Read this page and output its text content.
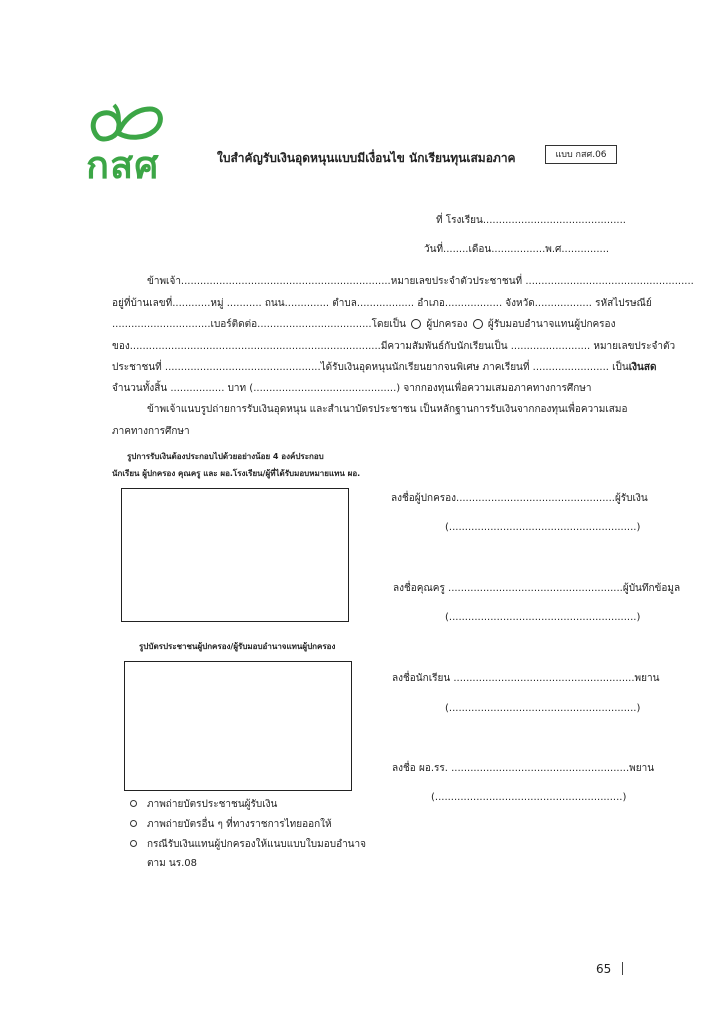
กสศ	ใบสำคัญรับเงินอุดหนุนแบบมีเงื่อนไข นักเรียนทุนเสมอภาค	แบบ กสศ.06
ที่ โรงเรียน.............................................
วันที่........เดือน.................พ.ศ...............
ข้าพเจ้า..................................................................หมายเลขประจำตัวประชาชนที่ .....................................................
อยู่ที่บ้านเลขที่............หมู่ ........... ถนน.............. ตำบล.................. อำเภอ.................. จังหวัด.................. รหัสไปรษณีย์
...............................เบอร์ติดต่อ....................................โดยเป็น ผู้ปกครอง ผู้รับมอบอำนาจแทนผู้ปกครอง
ของ...............................................................................มีความสัมพันธ์กับนักเรียนเป็น ......................... หมายเลขประจำตัว
ประชาชนที่ .................................................ได้รับเงินอุดหนุนนักเรียนยากจนพิเศษ ภาคเรียนที่ ........................ เป็นเงินสด
จำนวนทั้งสิ้น ................. บาท (.............................................) จากกองทุนเพื่อความเสมอภาคทางการศึกษา
ข้าพเจ้าแนบรูปถ่ายการรับเงินอุดหนุน และสำเนาบัตรประชาชน เป็นหลักฐานการรับเงินจากกองทุนเพื่อความเสมอ
ภาคทางการศึกษา
รูปการรับเงินต้องประกอบไปด้วยอย่างน้อย 4 องค์ประกอบ
นักเรียน ผู้ปกครอง คุณครู และ ผอ.โรงเรียน/ผู้ที่ได้รับมอบหมายแทน ผอ.
รูปบัตรประชาชนผู้ปกครอง/ผู้รับมอบอำนาจแทนผู้ปกครอง
ลงชื่อผู้ปกครอง..................................................ผู้รับเงิน
(...........................................................)
ลงชื่อคุณครู .......................................................ผู้บันทึกข้อมูล
(...........................................................)
ลงชื่อนักเรียน .........................................................พยาน
(...........................................................)
ลงชื่อ ผอ.รร. ........................................................พยาน
(...........................................................)
ภาพถ่ายบัตรประชาชนผู้รับเงิน
ภาพถ่ายบัตรอื่น ๆ ที่ทางราชการไทยออกให้
กรณีรับเงินแทนผู้ปกครองให้แนบแบบใบมอบอำนาจ
ตาม นร.08
65
